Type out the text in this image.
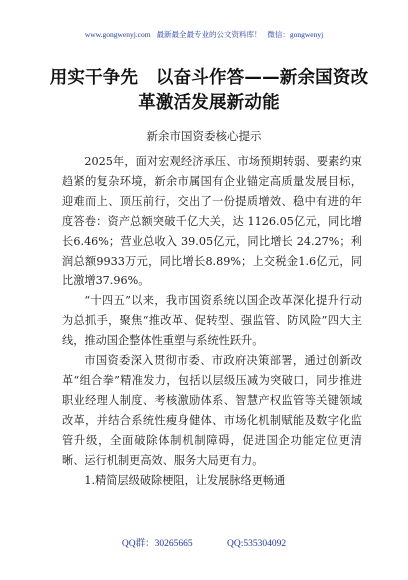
www.gongwenyj.com 最新最全最专业的公文资料库！ 微信：gongwenyj
用实干争先　以奋斗作答——新余国资改
革激活发展新动能
新余市国资委核心提示

2025年，面对宏观经济承压、市场预期转弱、要素约束趋紧的复杂环境，新余市属国有企业锚定高质量发展目标，迎难而上、顶压前行，交出了一份提质增效、稳中有进的年度答卷：资产总额突破千亿大关，达 1126.05亿元，同比增长6.46%；营业总收入 39.05亿元，同比增长 24.27%；利润总额9933万元，同比增长8.89%；上交税金1.6亿元，同比激增37.96%。

“十四五”以来，我市国资系统以国企改革深化提升行动为总抓手，聚焦“推改革、促转型、强监管、防风险”四大主线，推动国企整体性重塑与系统性跃升。

市国资委深入贯彻市委、市政府决策部署，通过创新改革“组合拳”精准发力，包括以层级压减为突破口，同步推进职业经理人制度、考核激励体系、智慧产权监管等关键领域改革，并结合系统性瘦身健体、市场化机制赋能及数字化监管升级，全面破除体制机制障碍，促进国企功能定位更清晰、运行机制更高效、服务大局更有力。

1.精简层级破除梗阻，让发展脉络更畅通

QQ群：30265665	QQ:535304092
